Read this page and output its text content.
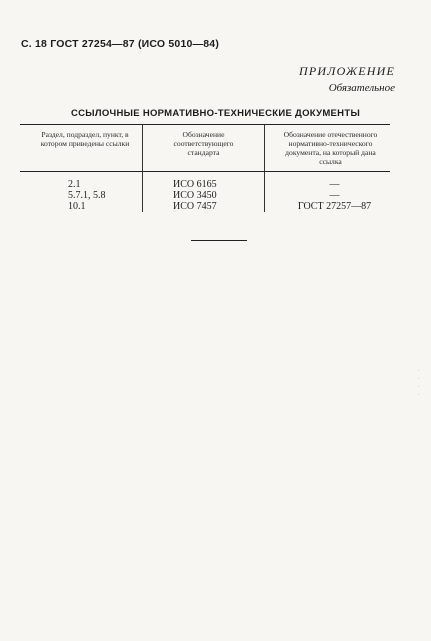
С. 18 ГОСТ 27254—87 (ИСО 5010—84)
ПРИЛОЖЕНИЕ
Обязательное
ССЫЛОЧНЫЕ НОРМАТИВНО-ТЕХНИЧЕСКИЕ ДОКУМЕНТЫ
Раздел, подраздел, пункт, в котором приведены ссылки
Обозначение соответствующего стандарта
Обозначение отечественного нормативно-технического документа, на который дана ссылка
2.1
5.7.1, 5.8
10.1
ИСО 6165
ИСО 3450
ИСО 7457
—
—
ГОСТ 27257—87
·
·
·
·
